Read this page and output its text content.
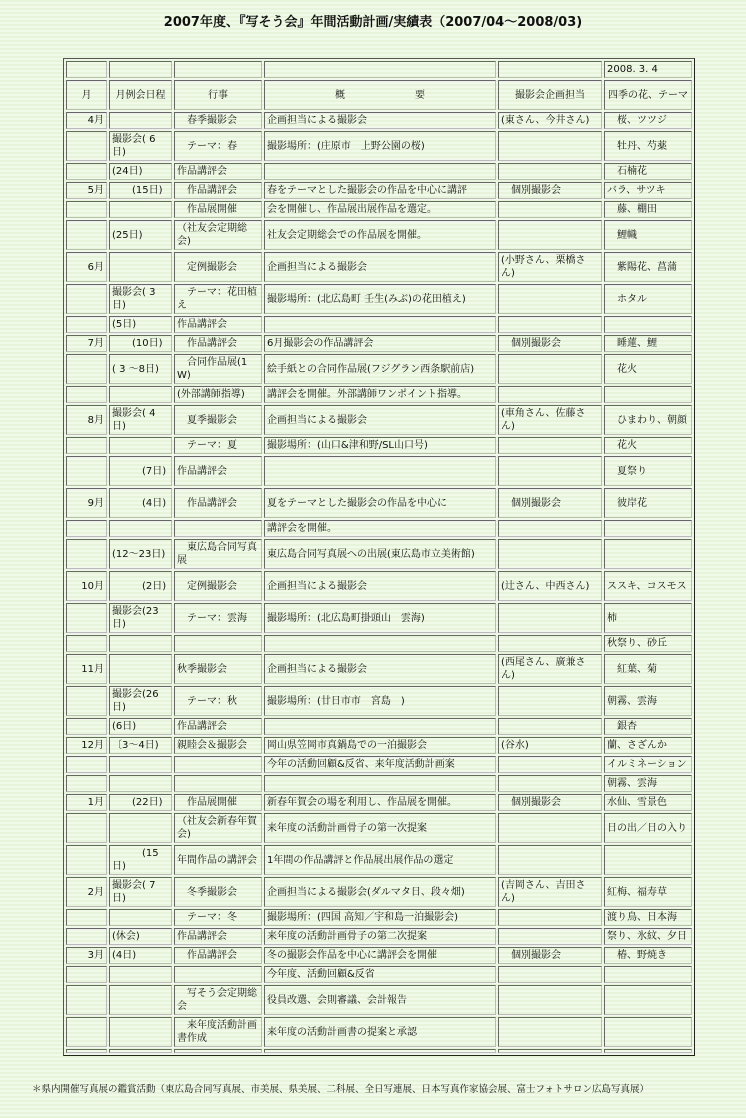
2007年度、『写そう会』年間活動計画/実績表（2007/04～2008/03)
					2008. 3. 4
月	月例会日程	行事	概　　　　　　　要	撮影会企画担当	四季の花、テーマ
4月		　春季撮影会	企画担当による撮影会	(東さん、今井さん)	　桜、ツツジ
	撮影会( 6日)	　テーマ：春	撮影場所：(庄原市　上野公園の桜)		　牡丹、芍薬
	(24日)	作品講評会			　石楠花
5月	　　(15日)	　作品講評会	春をテーマとした撮影会の作品を中心に講評	　個別撮影会	バラ、サツキ
		　作品展開催	会を開催し、作品展出展作品を選定。		　藤、棚田
	(25日)	（社友会定期総会)	社友会定期総会での作品展を開催。		　鯉幟
6月		　定例撮影会	企画担当による撮影会	(小野さん、栗橋さん)	　紫陽花、菖蒲
	撮影会( 3日)	　テーマ：花田植え	撮影場所：(北広島町 壬生(みぶ)の花田植え)		　ホタル
	(5日)	作品講評会			
7月	　　(10日)	　作品講評会	6月撮影会の作品講評会	　個別撮影会	　睡蓮、鯉
	( 3 ～8日)	　合同作品展(1W)	絵手紙との合同作品展(フジグラン西条駅前店)		　花火
		(外部講師指導)	講評会を開催。外部講師ワンポイント指導。		
8月	撮影会( 4日)	　夏季撮影会	企画担当による撮影会	(車角さん、佐藤さん)	　ひまわり、朝顔
		　テーマ：夏	撮影場所：(山口&津和野/SL山口号)		　花火
	　　　(7日)	作品講評会			　夏祭り
9月	　　　(4日)	　作品講評会	夏をテーマとした撮影会の作品を中心に	　個別撮影会	　彼岸花
			講評会を開催。		
	(12～23日)	　東広島合同写真展	東広島合同写真展への出展(東広島市立美術館)		
10月	　　　(2日)	　定例撮影会	企画担当による撮影会	(辻さん、中西さん)	ススキ、コスモス
	撮影会(23日)	　テーマ：雲海	撮影場所：(北広島町掛頭山　雲海)		柿
					秋祭り、砂丘
11月		秋季撮影会	企画担当による撮影会	(西尾さん、廣兼さん)	　紅葉、菊
	撮影会(26日)	　テーマ：秋	撮影場所：(廿日市市　宮島　)		朝霧、雲海
	(6日)	作品講評会			　銀杏
12月	〔3～4日)	親睦会＆撮影会	岡山県笠岡市真鍋島での一泊撮影会	(谷水)	蘭、さざんか
			今年の活動回顧&反省、来年度活動計画案		イルミネーション
					朝霧、雲海
1月	　　(22日)	　作品展開催	新春年賀会の場を利用し、作品展を開催。	　個別撮影会	水仙、雪景色
		（社友会新春年賀会)	来年度の活動計画骨子の第一次提案		日の出／日の入り
	　　　(15日)	年間作品の講評会	1年間の作品講評と作品展出展作品の選定		
2月	撮影会( 7日)	　冬季撮影会	企画担当による撮影会(ダルマタ日、段々畑)	(吉岡さん、吉田さん)	紅梅、福寿草
		　テーマ：冬	撮影場所：(四国 高知／宇和島一泊撮影会)		渡り鳥、日本海
	(休会)	作品講評会	来年度の活動計画骨子の第二次提案		祭り、氷紋、夕日
3月	(4日)	　作品講評会	冬の撮影会作品を中心に講評会を開催	　個別撮影会	　椿、野焼き
			今年度、活動回顧&反省		
		　写そう会定期総会	役員改選、会則審議、会計報告		
		　来年度活動計画書作成	来年度の活動計画書の提案と承認		

＊県内開催写真展の鑑賞活動（東広島合同写真展、市美展、県美展、二科展、全日写連展、日本写真作家協会展、富士フォトサロン広島写真展）
